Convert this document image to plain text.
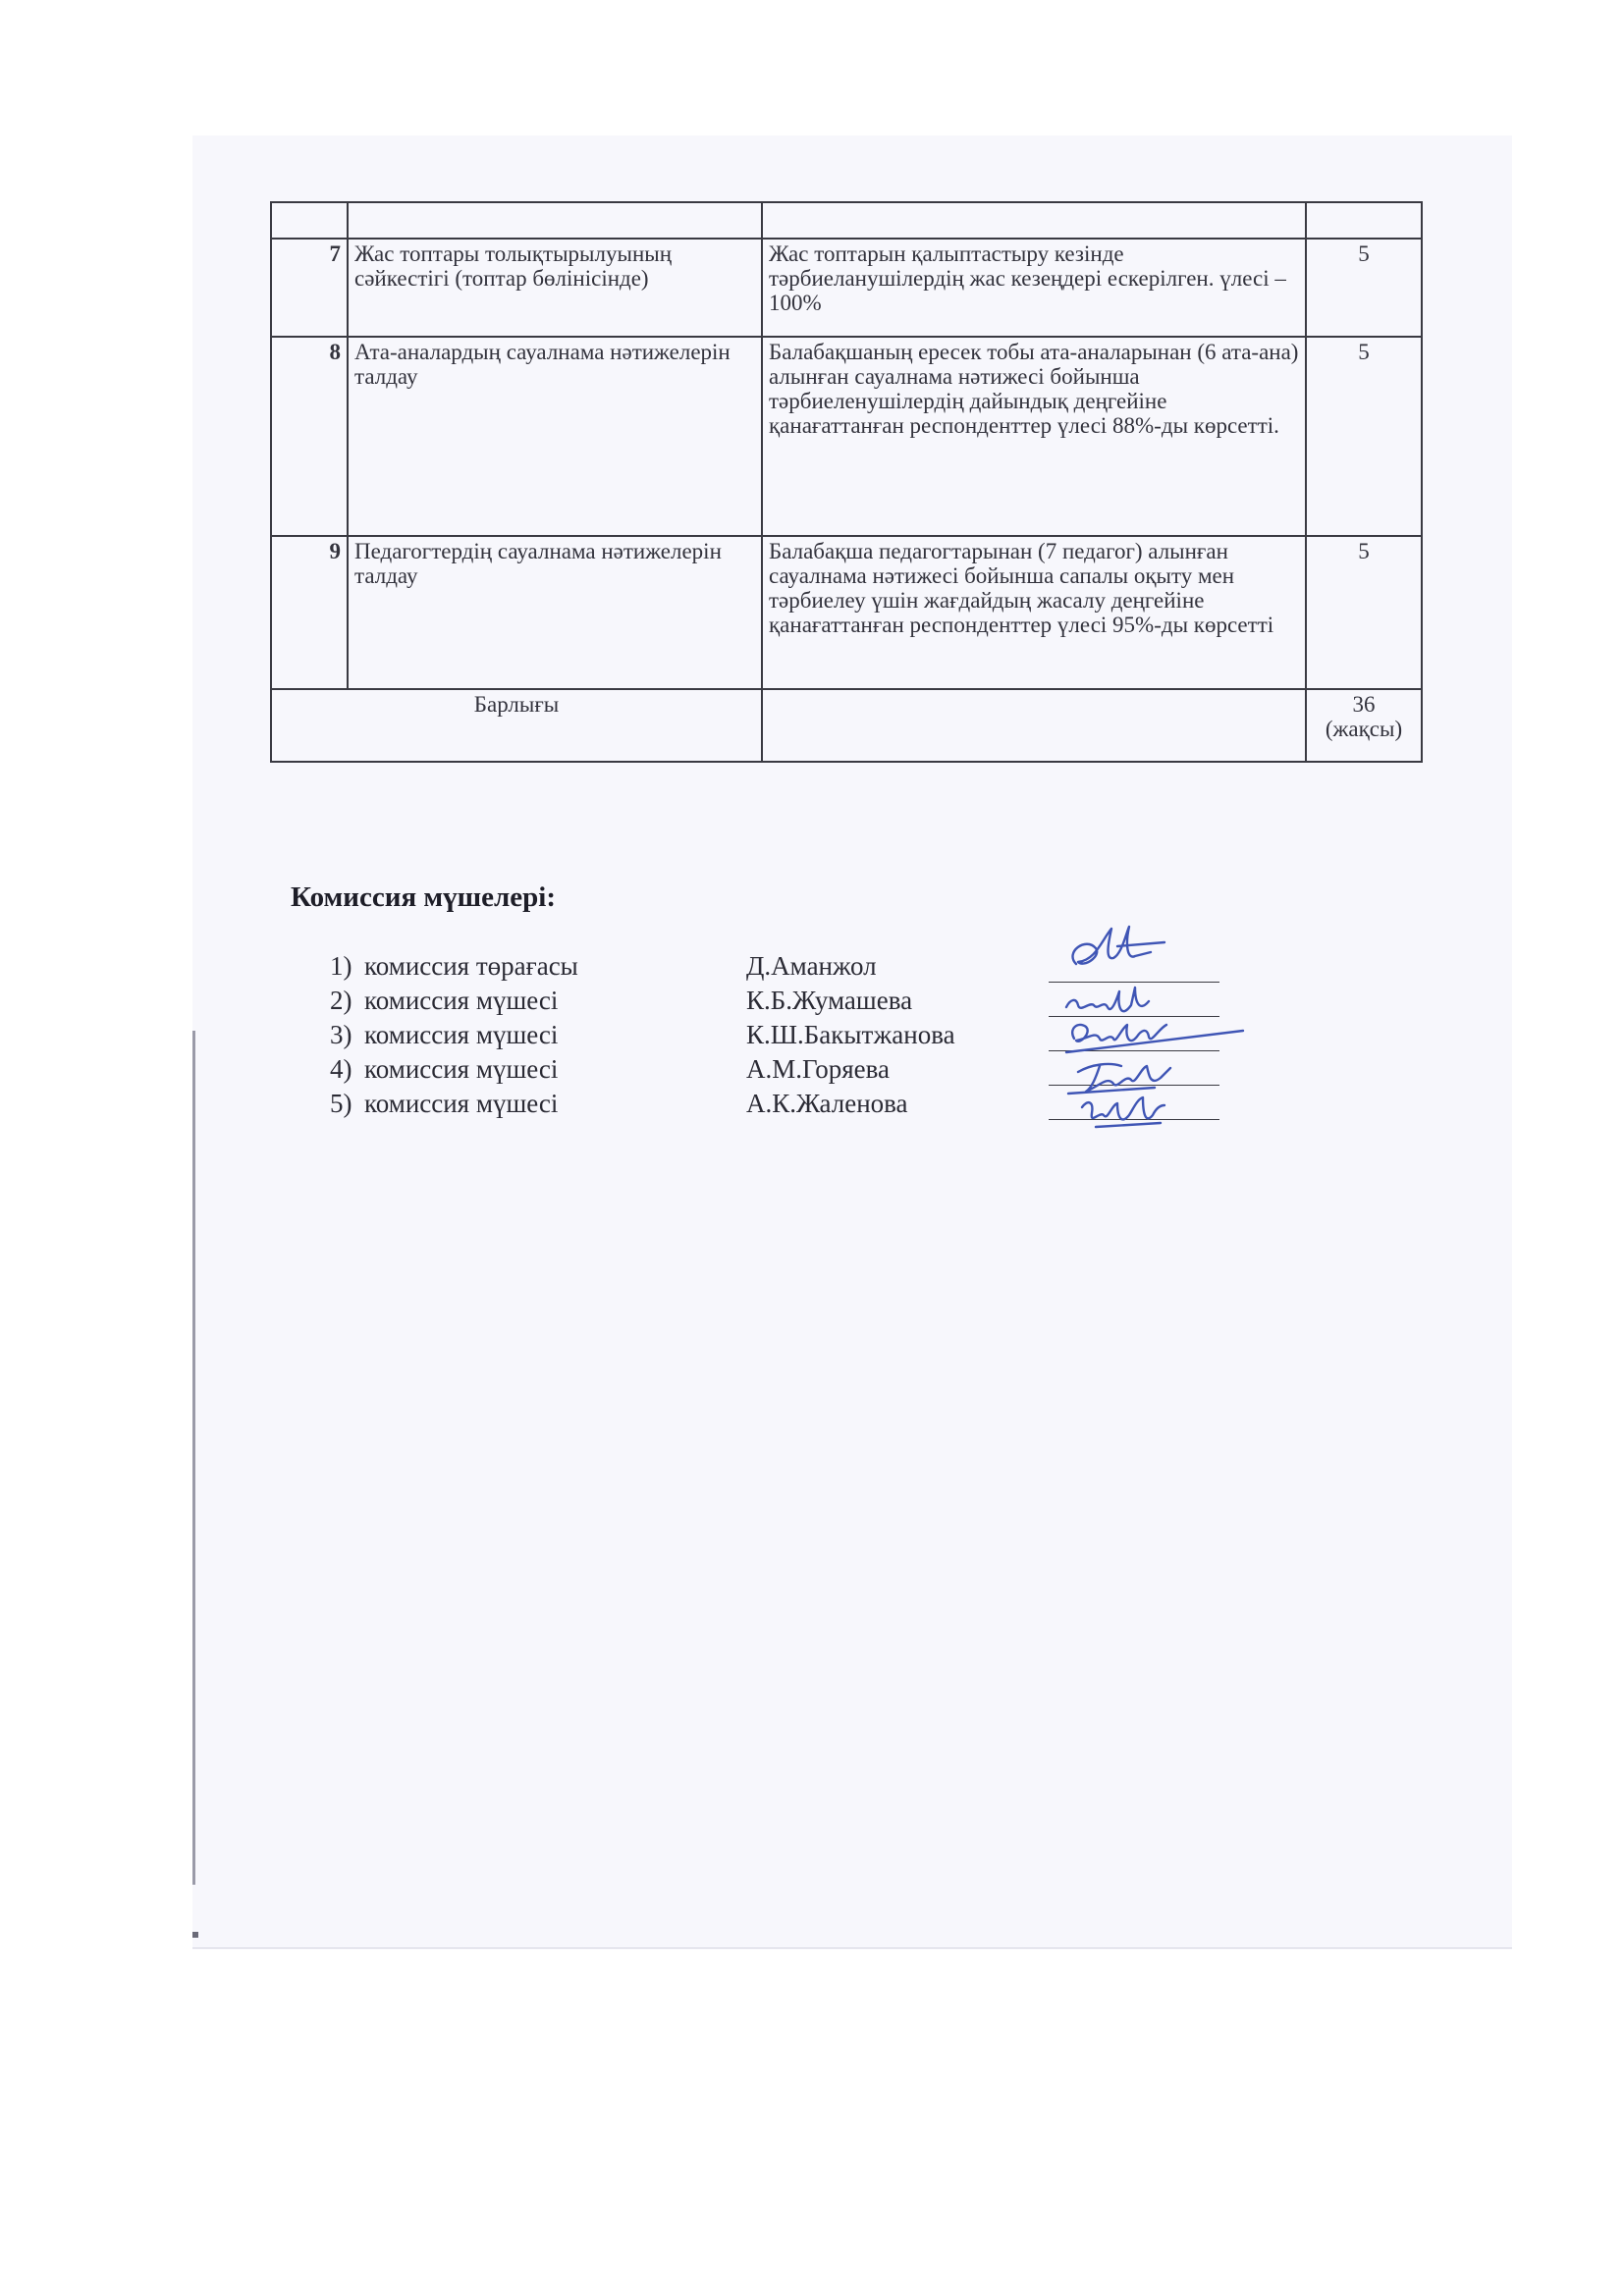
7	Жас топтары толықтырылуының сәйкестігі (топтар бөлінісінде)	Жас топтарын қалыптастыру кезінде тәрбиеланушілердің жас кезеңдері ескерілген. үлесі – 100%	5
8	Ата-аналардың сауалнама нәтижелерін талдау	Балабақшаның ересек тобы ата-аналарынан (6 ата-ана) алынған сауалнама нәтижесі бойынша тәрбиеленушілердің дайындық деңгейіне қанағаттанған респонденттер үлесі 88%-ды көрсетті.	5
9	Педагогтердің сауалнама нәтижелерін талдау	Балабақша педагогтарынан (7 педагог) алынған сауалнама нәтижесі бойынша сапалы оқыту мен тәрбиелеу үшін жағдайдың жасалу деңгейіне қанағаттанған респонденттер үлесі 95%-ды көрсетті	5
Барлығы			36
(жақсы)
Комиссия мүшелері:
1) комиссия төрағасы	Д.Аманжол
2) комиссия мүшесі	К.Б.Жумашева
3) комиссия мүшесі	К.Ш.Бакытжанова
4) комиссия мүшесі	А.М.Горяева
5) комиссия мүшесі	А.К.Жаленова
